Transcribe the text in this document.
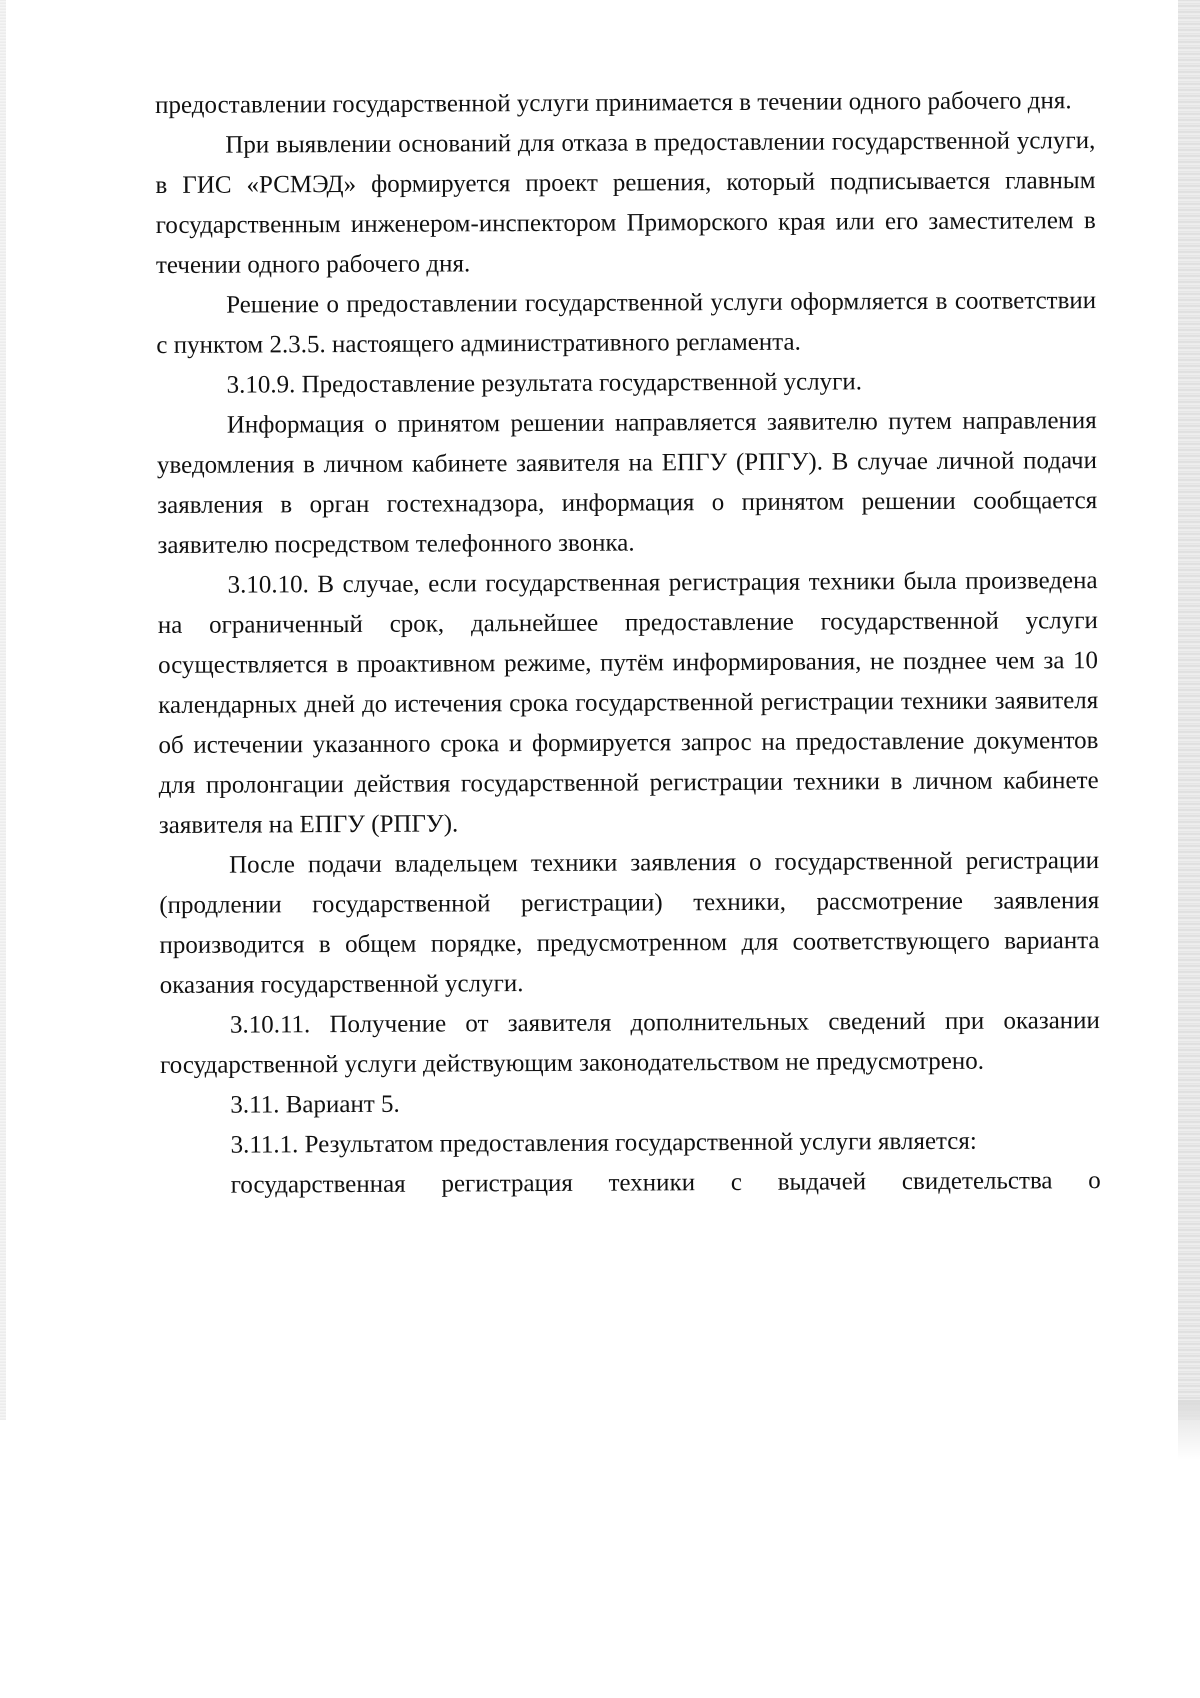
предоставлении государственной услуги принимается в течении одного рабочего дня.

При выявлении оснований для отказа в предоставлении государственной услуги, в ГИС «РСМЭД» формируется проект решения, который подписывается главным государственным инженером-инспектором Приморского края или его заместителем в течении одного рабочего дня.

Решение о предоставлении государственной услуги оформляется в соответствии с пунктом 2.3.5. настоящего административного регламента.

3.10.9. Предоставление результата государственной услуги.

Информация о принятом решении направляется заявителю путем направления уведомления в личном кабинете заявителя на ЕПГУ (РПГУ). В случае личной подачи заявления в орган гостехнадзора, информация о принятом решении сообщается заявителю посредством телефонного звонка.

3.10.10. В случае, если государственная регистрация техники была произведена на ограниченный срок, дальнейшее предоставление государственной услуги осуществляется в проактивном режиме, путём информирования, не позднее чем за 10 календарных дней до истечения срока государственной регистрации техники заявителя об истечении указанного срока и формируется запрос на предоставление документов для пролонгации действия государственной регистрации техники в личном кабинете заявителя на ЕПГУ (РПГУ).

После подачи владельцем техники заявления о государственной регистрации (продлении государственной регистрации) техники, рассмотрение заявления производится в общем порядке, предусмотренном для соответствующего варианта оказания государственной услуги.

3.10.11. Получение от заявителя дополнительных сведений при оказании государственной услуги действующим законодательством не предусмотрено.

3.11. Вариант 5.

3.11.1. Результатом предоставления государственной услуги является:

государственная регистрация техники с выдачей свидетельства о
